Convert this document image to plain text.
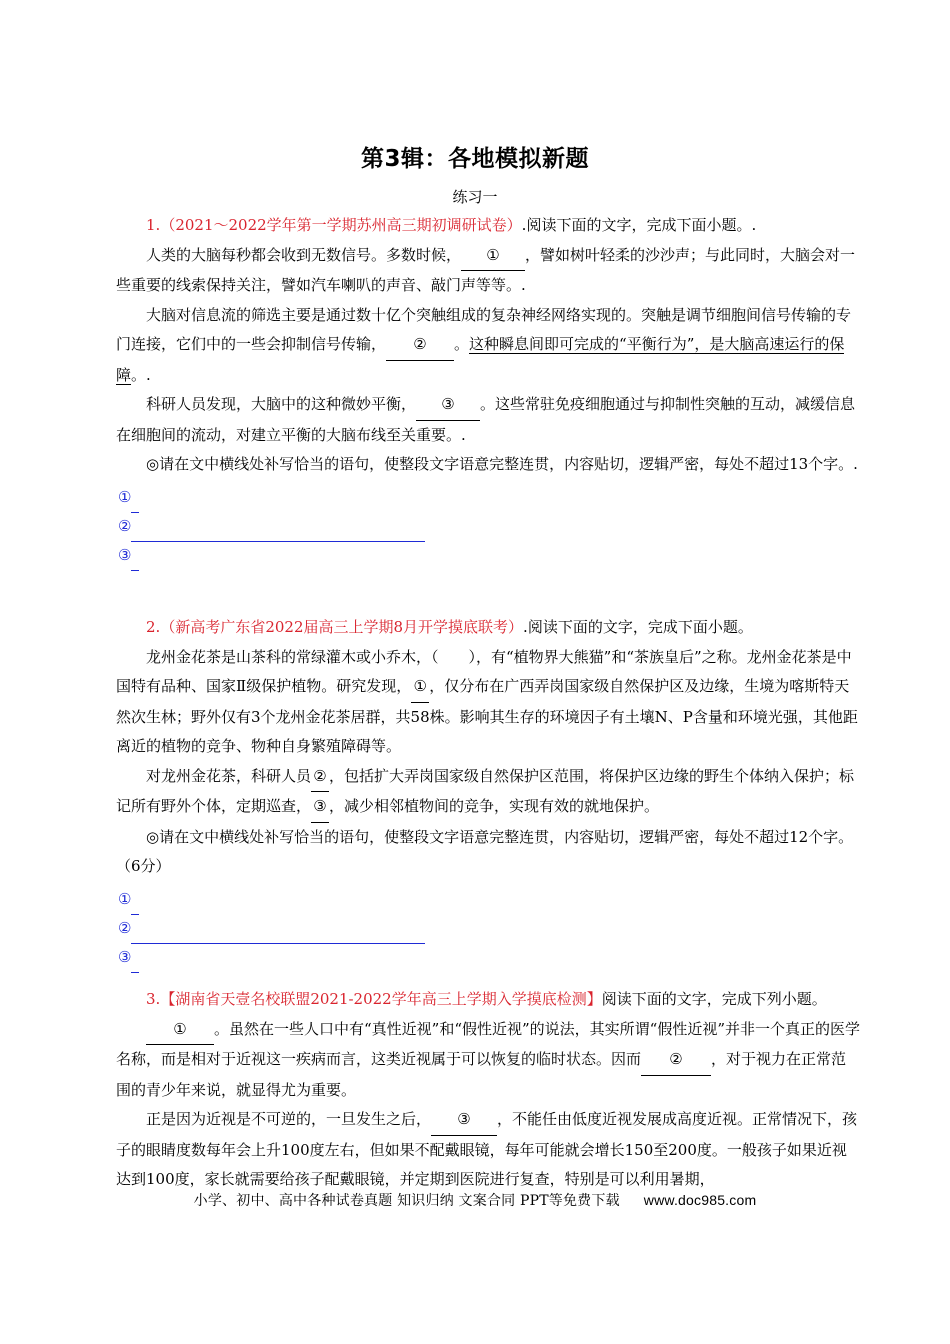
第3辑：各地模拟新题
练习一

1.（2021～2022学年第一学期苏州高三期初调研试卷）.阅读下面的文字，完成下面小题。.

人类的大脑每秒都会收到无数信号。多数时候， ① ，譬如树叶轻柔的沙沙声；与此同时，大脑会对一些重要的线索保持关注，譬如汽车喇叭的声音、敲门声等等。.

大脑对信息流的筛选主要是通过数十亿个突触组成的复杂神经网络实现的。突触是调节细胞间信号传输的专门连接，它们中的一些会抑制信号传输， ② 。这种瞬息间即可完成的“平衡行为”，是大脑高速运行的保障。.

科研人员发现，大脑中的这种微妙平衡， ③ 。这些常驻免疫细胞通过与抑制性突触的互动，减缓信息在细胞间的流动，对建立平衡的大脑布线至关重要。.

◎请在文中横线处补写恰当的语句，使整段文字语意完整连贯，内容贴切，逻辑严密，每处不超过13个字。.

①

②

③

2.（新高考广东省2022届高三上学期8月开学摸底联考）.阅读下面的文字，完成下面小题。

龙州金花茶是山茶科的常绿灌木或小乔木，（　　），有“植物界大熊猫”和“茶族皇后”之称。龙州金花茶是中国特有品种、国家Ⅱ级保护植物。研究发现， ① ，仅分布在广西弄岗国家级自然保护区及边缘，生境为喀斯特天然次生林；野外仅有3个龙州金花茶居群，共58株。影响其生存的环境因子有土壤N、P含量和环境光强，其他距离近的植物的竞争、物种自身繁殖障碍等。

对龙州金花茶，科研人员 ② ，包括扩大弄岗国家级自然保护区范围，将保护区边缘的野生个体纳入保护；标记所有野外个体，定期巡查， ③ ，减少相邻植物间的竞争，实现有效的就地保护。

◎请在文中横线处补写恰当的语句，使整段文字语意完整连贯，内容贴切，逻辑严密，每处不超过12个字。（6分）

①

②

③

3.【湖南省天壹名校联盟2021-2022学年高三上学期入学摸底检测】阅读下面的文字，完成下列小题。

① 。虽然在一些人口中有“真性近视”和“假性近视”的说法，其实所谓“假性近视”并非一个真正的医学名称，而是相对于近视这一疾病而言，这类近视属于可以恢复的临时状态。因而 ② ，对于视力在正常范围的青少年来说，就显得尤为重要。

正是因为近视是不可逆的，一旦发生之后， ③ ，不能任由低度近视发展成高度近视。正常情况下，孩子的眼睛度数每年会上升100度左右，但如果不配戴眼镜，每年可能就会增长150至200度。一般孩子如果近视达到100度，家长就需要给孩子配戴眼镜，并定期到医院进行复查，特别是可以利用暑期，

小学、初中、高中各种试卷真题 知识归纳 文案合同 PPT等免费下载 www.doc985.com
